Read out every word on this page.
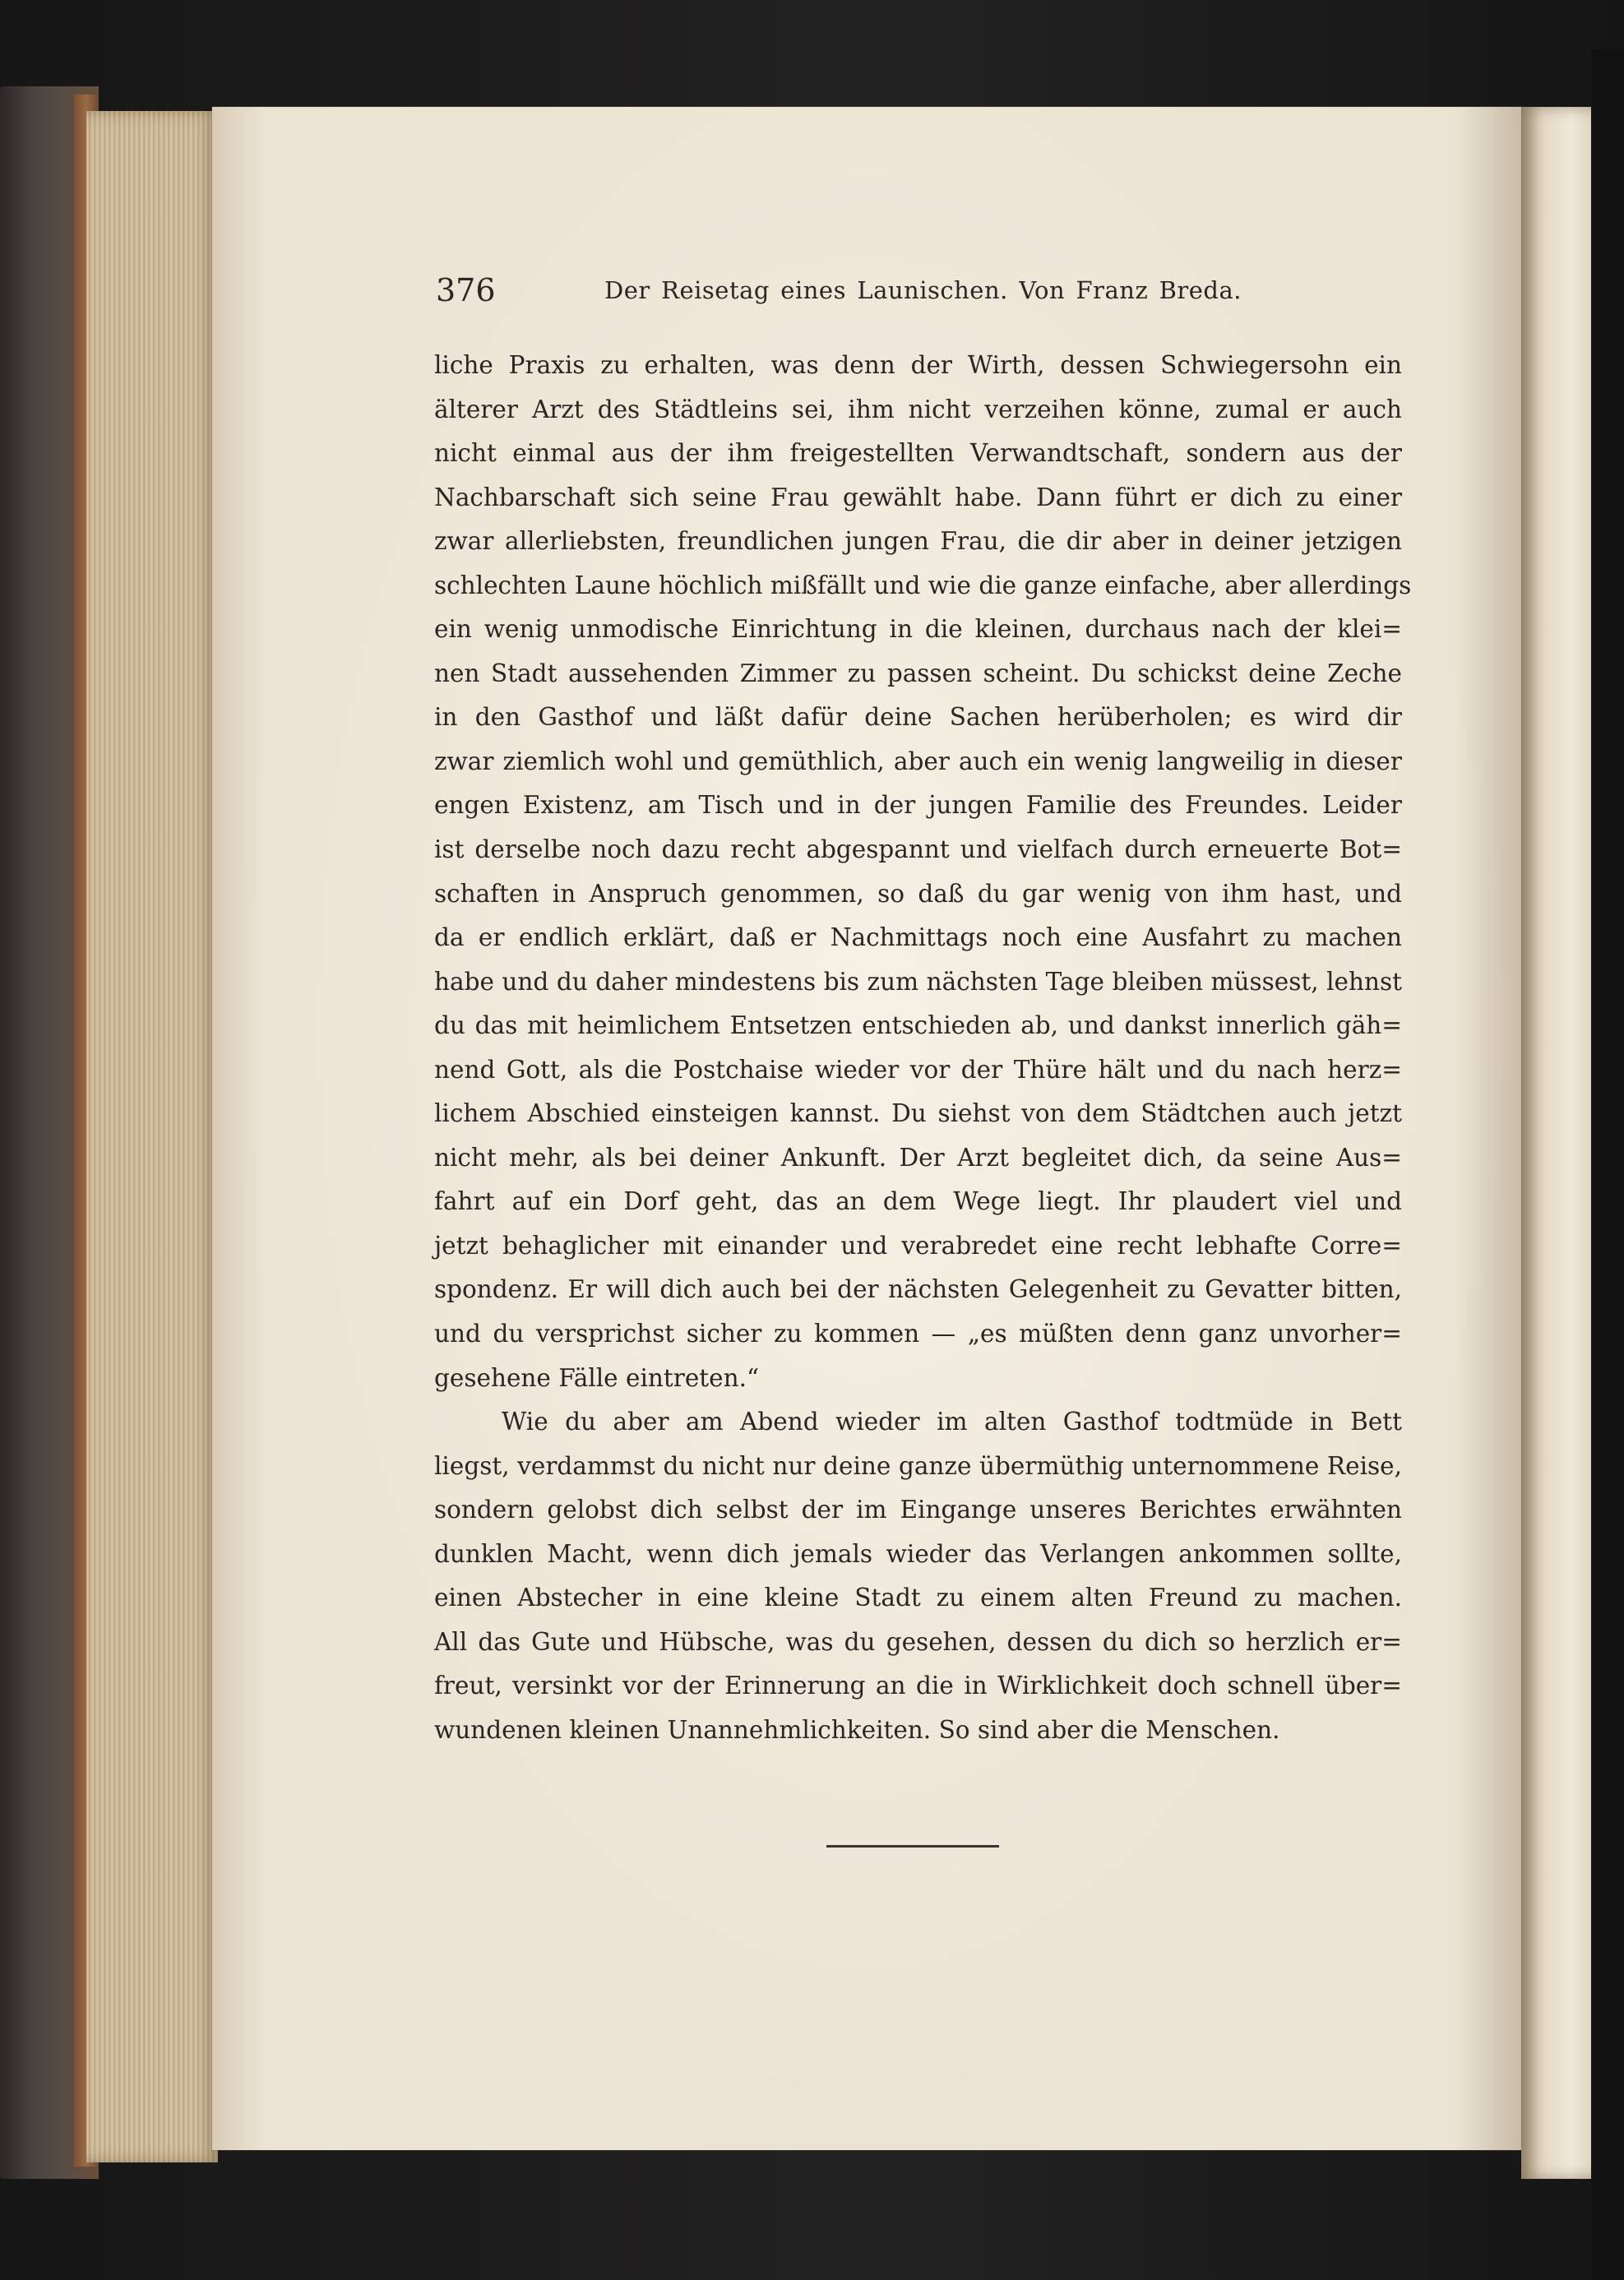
376	Der Reisetag eines Launischen. Von Franz Breda.
liche Praxis zu erhalten, was denn der Wirth, dessen Schwiegersohn ein
älterer Arzt des Städtleins sei, ihm nicht verzeihen könne, zumal er auch
nicht einmal aus der ihm freigestellten Verwandtschaft, sondern aus der
Nachbarschaft sich seine Frau gewählt habe. Dann führt er dich zu einer
zwar allerliebsten, freundlichen jungen Frau, die dir aber in deiner jetzigen
schlechten Laune höchlich mißfällt und wie die ganze einfache, aber allerdings
ein wenig unmodische Einrichtung in die kleinen, durchaus nach der klei=
nen Stadt aussehenden Zimmer zu passen scheint. Du schickst deine Zeche
in den Gasthof und läßt dafür deine Sachen herüberholen; es wird dir
zwar ziemlich wohl und gemüthlich, aber auch ein wenig langweilig in dieser
engen Existenz, am Tisch und in der jungen Familie des Freundes. Leider
ist derselbe noch dazu recht abgespannt und vielfach durch erneuerte Bot=
schaften in Anspruch genommen, so daß du gar wenig von ihm hast, und
da er endlich erklärt, daß er Nachmittags noch eine Ausfahrt zu machen
habe und du daher mindestens bis zum nächsten Tage bleiben müssest, lehnst
du das mit heimlichem Entsetzen entschieden ab, und dankst innerlich gäh=
nend Gott, als die Postchaise wieder vor der Thüre hält und du nach herz=
lichem Abschied einsteigen kannst. Du siehst von dem Städtchen auch jetzt
nicht mehr, als bei deiner Ankunft. Der Arzt begleitet dich, da seine Aus=
fahrt auf ein Dorf geht, das an dem Wege liegt. Ihr plaudert viel und
jetzt behaglicher mit einander und verabredet eine recht lebhafte Corre=
spondenz. Er will dich auch bei der nächsten Gelegenheit zu Gevatter bitten,
und du versprichst sicher zu kommen — „es müßten denn ganz unvorher=
gesehene Fälle eintreten.“
Wie du aber am Abend wieder im alten Gasthof todtmüde in Bett
liegst, verdammst du nicht nur deine ganze übermüthig unternommene Reise,
sondern gelobst dich selbst der im Eingange unseres Berichtes erwähnten
dunklen Macht, wenn dich jemals wieder das Verlangen ankommen sollte,
einen Abstecher in eine kleine Stadt zu einem alten Freund zu machen.
All das Gute und Hübsche, was du gesehen, dessen du dich so herzlich er=
freut, versinkt vor der Erinnerung an die in Wirklichkeit doch schnell über=
wundenen kleinen Unannehmlichkeiten. So sind aber die Menschen.
